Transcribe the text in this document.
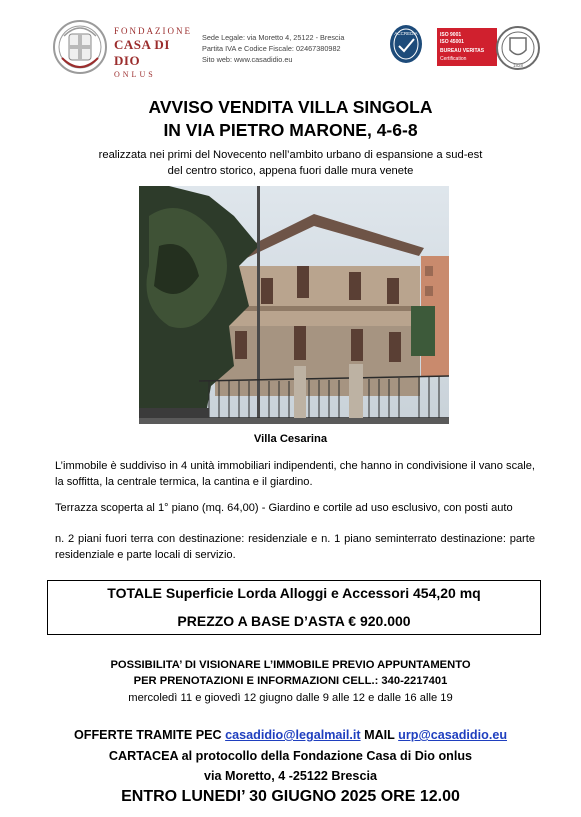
FONDAZIONE
CASA DI DIO
ONLUS
Sede Legale: via Moretto 4, 25122 - Brescia
Partita IVA e Codice Fiscale: 02467380982
Sito web: www.casadidio.eu
ACCREDIA	ISO 9001
ISO 45001
BUREAU VERITAS
Certification
1828
AVVISO VENDITA VILLA SINGOLA
IN VIA PIETRO MARONE, 4-6-8
realizzata nei primi del Novecento nell’ambito urbano di espansione a sud-est
del centro storico, appena fuori dalle mura venete
Villa Cesarina
L’immobile è suddiviso in 4 unità immobiliari indipendenti, che hanno in condivisione il vano scale, la soffitta, la centrale termica, la cantina e il giardino.
Terrazza scoperta al 1° piano (mq. 64,00) - Giardino e cortile ad uso esclusivo, con posti auto
n. 2 piani fuori terra con destinazione: residenziale e n. 1 piano seminterrato destinazione: parte residenziale e parte locali di servizio.
TOTALE Superficie Lorda Alloggi e Accessori 454,20 mq
PREZZO A BASE D’ASTA € 920.000
POSSIBILITA’ DI VISIONARE L’IMMOBILE PREVIO APPUNTAMENTO
PER PRENOTAZIONI E INFORMAZIONI CELL.: 340-2217401
mercoledì 11 e giovedì 12 giugno dalle 9 alle 12 e dalle 16 alle 19
OFFERTE TRAMITE PEC casadidio@legalmail.it MAIL urp@casadidio.eu
CARTACEA al protocollo della Fondazione Casa di Dio onlus
via Moretto, 4 -25122 Brescia
ENTRO LUNEDI’ 30 GIUGNO 2025 ORE 12.00
